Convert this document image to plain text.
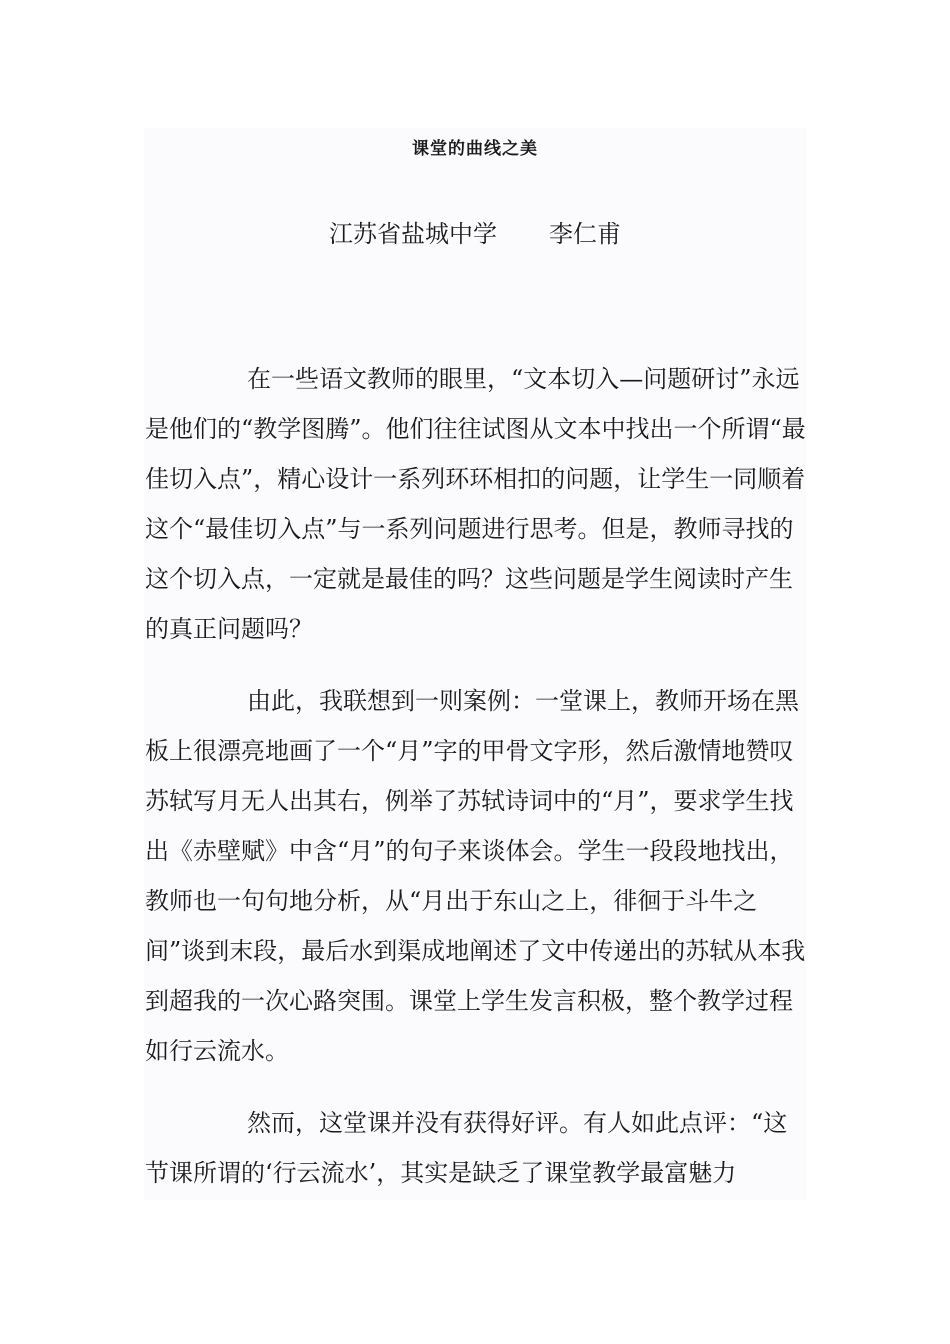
课堂的曲线之美
江苏省盐城中学 李仁甫

在一些语文教师的眼里，“文本切入—问题研讨”永远是他们的“教学图腾”。他们往往试图从文本中找出一个所谓“最佳切入点”，精心设计一系列环环相扣的问题，让学生一同顺着这个“最佳切入点”与一系列问题进行思考。但是，教师寻找的这个切入点，一定就是最佳的吗？这些问题是学生阅读时产生的真正问题吗？

由此，我联想到一则案例：一堂课上，教师开场在黑板上很漂亮地画了一个“月”字的甲骨文字形，然后激情地赞叹苏轼写月无人出其右，例举了苏轼诗词中的“月”，要求学生找出《赤壁赋》中含“月”的句子来谈体会。学生一段段地找出，教师也一句句地分析，从“月出于东山之上，徘徊于斗牛之间”谈到末段，最后水到渠成地阐述了文中传递出的苏轼从本我到超我的一次心路突围。课堂上学生发言积极，整个教学过程如行云流水。

然而，这堂课并没有获得好评。有人如此点评：“这节课所谓的‘行云流水’，其实是缺乏了课堂教学最富魅力
